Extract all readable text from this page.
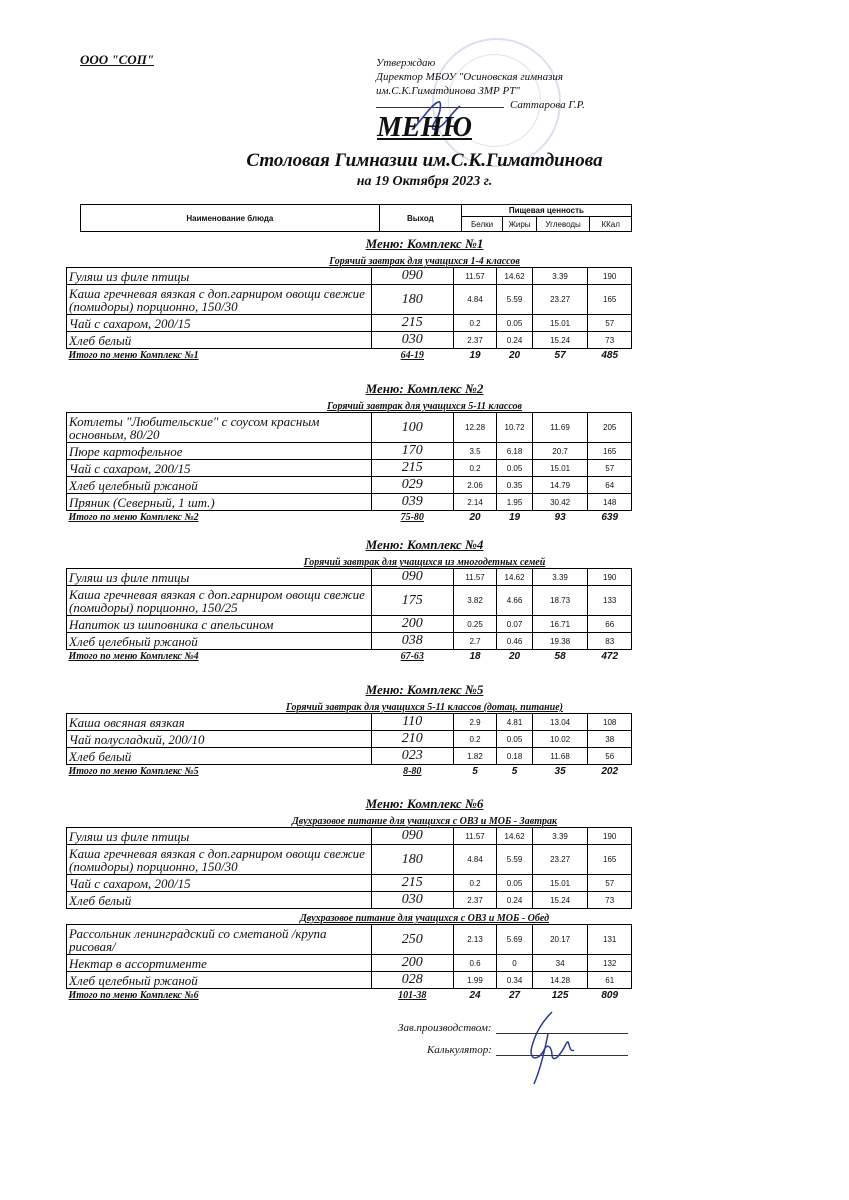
ООО "СОП"	Утверждаю
Директор МБОУ "Осиновская гимназия
им.С.К.Гиматдинова ЗМР РТ"
Саттарова Г.Р.
МЕНЮ
Столовая Гимназии им.С.К.Гиматдинова
на 19 Октября 2023 г.
Наименование блюда	Выход	Пищевая ценность			
		Белки	Жиры	Углеводы	ККал
Меню: Комплекс №1
Горячий завтрак для учащихся 1-4 классов
Гуляш из филе птицы	090	11.57	14.62	3.39	190
Каша гречневая вязкая с доп.гарниром овощи свежие (помидоры) порционно, 150/30	180	4.84	5.59	23.27	165
Чай с сахаром, 200/15	215	0.2	0.05	15.01	57
Хлеб белый	030	2.37	0.24	15.24	73
Итого по меню Комплекс №1	64-19	19	20	57	485
Меню: Комплекс №2
Горячий завтрак для учащихся 5-11 классов
Котлеты "Любительские" с соусом красным основным, 80/20	100	12.28	10.72	11.69	205
Пюре картофельное	170	3.5	6.18	20.7	165
Чай с сахаром, 200/15	215	0.2	0.05	15.01	57
Хлеб целебный ржаной	029	2.06	0.35	14.79	64
Пряник (Северный, 1 шт.)	039	2.14	1.95	30.42	148
Итого по меню Комплекс №2	75-80	20	19	93	639
Меню: Комплекс №4
Горячий завтрак для учащихся из многодетных семей
Гуляш из филе птицы	090	11.57	14.62	3.39	190
Каша гречневая вязкая с доп.гарниром овощи свежие (помидоры) порционно, 150/25	175	3.82	4.66	18.73	133
Напиток из шиповника с апельсином	200	0.25	0.07	16.71	66
Хлеб целебный ржаной	038	2.7	0.46	19.38	83
Итого по меню Комплекс №4	67-63	18	20	58	472
Меню: Комплекс №5
Горячий завтрак для учащихся 5-11 классов (дотац. питание)
Каша овсяная вязкая	110	2.9	4.81	13.04	108
Чай полусладкий, 200/10	210	0.2	0.05	10.02	38
Хлеб белый	023	1.82	0.18	11.68	56
Итого по меню Комплекс №5	8-80	5	5	35	202
Меню: Комплекс №6
Двухразовое питание для учащихся с ОВЗ и МОБ - Завтрак
Гуляш из филе птицы	090	11.57	14.62	3.39	190
Каша гречневая вязкая с доп.гарниром овощи свежие (помидоры) порционно, 150/30	180	4.84	5.59	23.27	165
Чай с сахаром, 200/15	215	0.2	0.05	15.01	57
Хлеб белый	030	2.37	0.24	15.24	73
Двухразовое питание для учащихся с ОВЗ и МОБ - Обед
Рассольник ленинградский со сметаной /крупа рисовая/	250	2.13	5.69	20.17	131
Нектар в ассортименте	200	0.6	0	34	132
Хлеб целебный ржаной	028	1.99	0.34	14.28	61
Итого по меню Комплекс №6	101-38	24	27	125	809
Зав.производством:
Калькулятор:
